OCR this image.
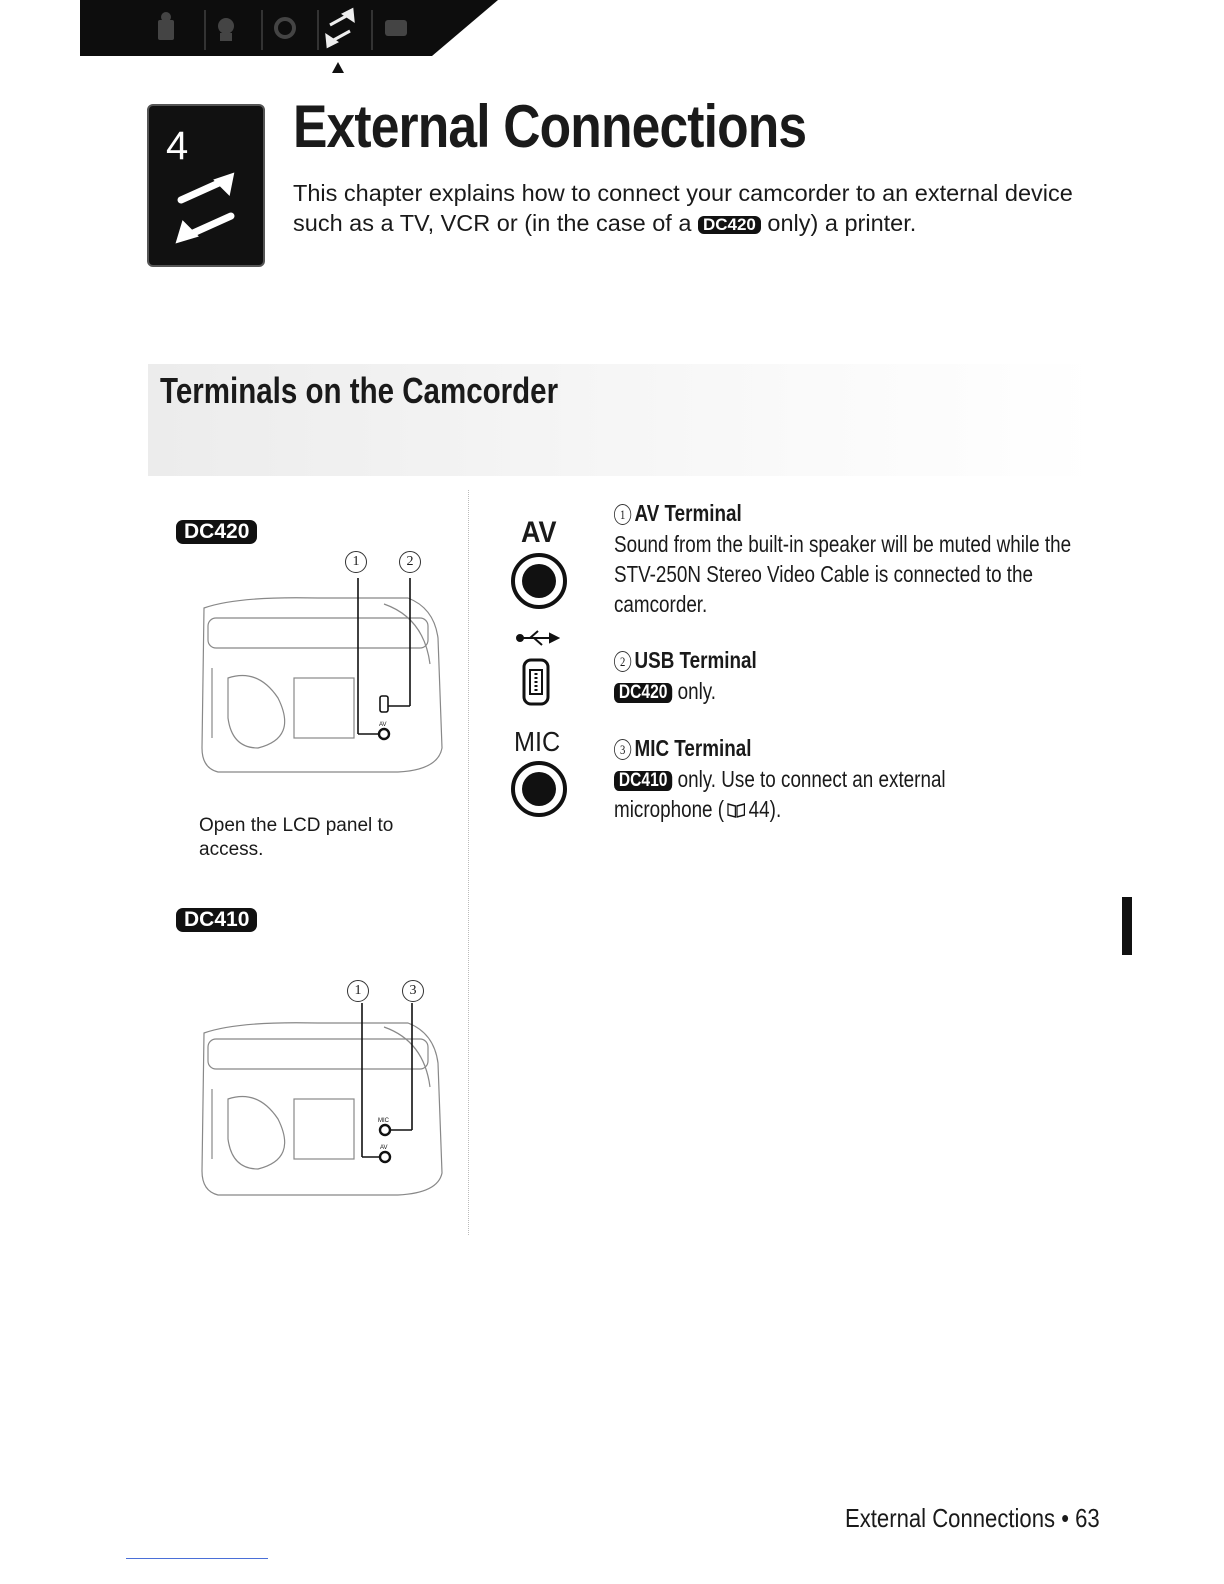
4 External Connections
This chapter explains how to connect your camcorder to an external device such as a TV, VCR or (in the case of a DC420 only) a printer.
Terminals on the Camcorder
DC420
1	2
AV
Open the LCD panel to access.
DC410
1	3
MIC
AV
AV
MIC
1 AV Terminal
Sound from the built-in speaker will be muted while the STV-250N Stereo Video Cable is connected to the camcorder.
2 USB Terminal
DC420 only.
3 MIC Terminal
DC410 only. Use to connect an external microphone ( 44).
External Connections • 63
